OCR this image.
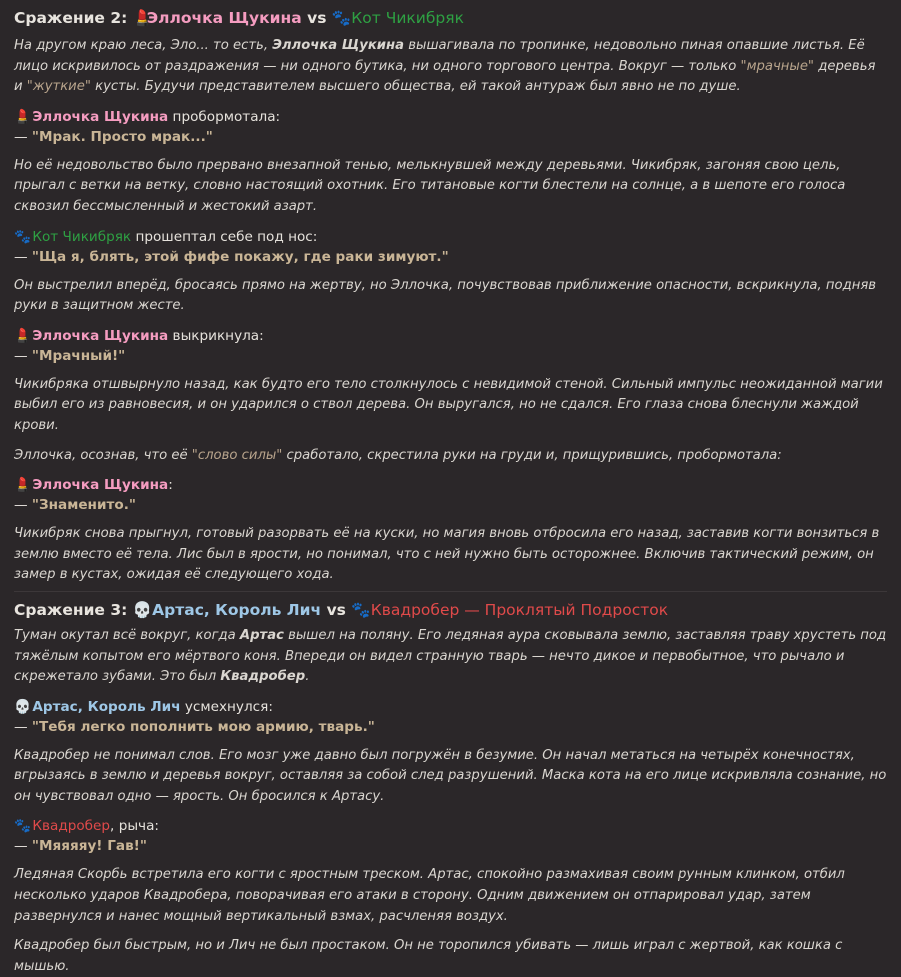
Сражение 2: 💄Эллочка Щукина vs 🐾 Кот Чикибряк

На другом краю леса, Эло... то есть, Эллочка Щукина вышагивала по тропинке, недовольно пиная опавшие листья. Её лицо искривилось от раздражения — ни одного бутика, ни одного торгового центра. Вокруг — только "мрачные" деревья и "жуткие" кусты. Будучи представителем высшего общества, ей такой антураж был явно не по душе.

💄 Эллочка Щукина пробормотала:

— "Мрак. Просто мрак..."

Но её недовольство было прервано внезапной тенью, мелькнувшей между деревьями. Чикибряк, загоняя свою цель, прыгал с ветки на ветку, словно настоящий охотник. Его титановые когти блестели на солнце, а в шепоте его голоса сквозил бессмысленный и жестокий азарт.

🐾 Кот Чикибряк прошептал себе под нос:

— "Ща я, блять, этой фифе покажу, где раки зимуют."

Он выстрелил вперёд, бросаясь прямо на жертву, но Эллочка, почувствовав приближение опасности, вскрикнула, подняв руки в защитном жесте.

💄 Эллочка Щукина выкрикнула:

— "Мрачный!"

Чикибряка отшвырнуло назад, как будто его тело столкнулось с невидимой стеной. Сильный импульс неожиданной магии выбил его из равновесия, и он ударился о ствол дерева. Он выругался, но не сдался. Его глаза снова блеснули жаждой крови.

Эллочка, осознав, что её "слово силы" сработало, скрестила руки на груди и, прищурившись, пробормотала:

💄 Эллочка Щукина:

— "Знаменито."

Чикибряк снова прыгнул, готовый разорвать её на куски, но магия вновь отбросила его назад, заставив когти вонзиться в землю вместо её тела. Лис был в ярости, но понимал, что с ней нужно быть осторожнее. Включив тактический режим, он замер в кустах, ожидая её следующего хода.

Сражение 3: 💀 Артас, Король Лич vs 🐾 Квадробер — Проклятый Подросток

Туман окутал всё вокруг, когда Артас вышел на поляну. Его ледяная аура сковывала землю, заставляя траву хрустеть под тяжёлым копытом его мёртвого коня. Впереди он видел странную тварь — нечто дикое и первобытное, что рычало и скрежетало зубами. Это был Квадробер.

💀 Артас, Король Лич усмехнулся:

— "Тебя легко пополнить мою армию, тварь."

Квадробер не понимал слов. Его мозг уже давно был погружён в безумие. Он начал метаться на четырёх конечностях, вгрызаясь в землю и деревья вокруг, оставляя за собой след разрушений. Маска кота на его лице искривляла сознание, но он чувствовал одно — ярость. Он бросился к Артасу.

🐾 Квадробер, рыча:

— "Мяяяяу! Гав!"

Ледяная Скорбь встретила его когти с яростным треском. Артас, спокойно размахивая своим рунным клинком, отбил несколько ударов Квадробера, поворачивая его атаки в сторону. Одним движением он отпарировал удар, затем развернулся и нанес мощный вертикальный взмах, расчленяя воздух.

Квадробер был быстрым, но и Лич не был простаком. Он не торопился убивать — лишь играл с жертвой, как кошка с мышью.
